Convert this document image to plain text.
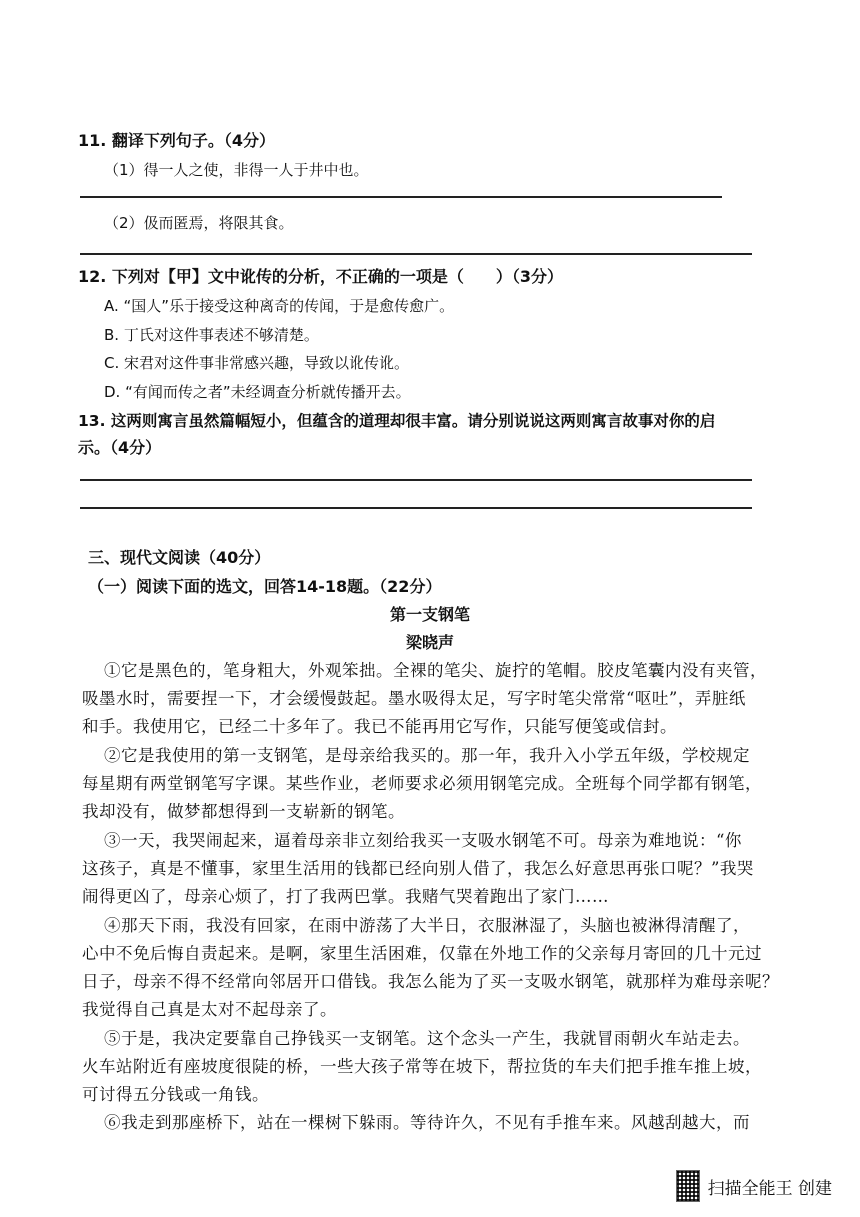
11. 翻译下列句子。（4分）
（1）得一人之使，非得一人于井中也。
（2）伋而匿焉，将限其食。
12. 下列对【甲】文中讹传的分析，不正确的一项是（　　）（3分）
A. “国人”乐于接受这种离奇的传闻，于是愈传愈广。
B. 丁氏对这件事表述不够清楚。
C. 宋君对这件事非常感兴趣，导致以讹传讹。
D. “有闻而传之者”未经调查分析就传播开去。
13. 这两则寓言虽然篇幅短小，但蕴含的道理却很丰富。请分别说说这两则寓言故事对你的启
示。（4分）
三、现代文阅读（40分）
（一）阅读下面的选文，回答14-18题。（22分）
第一支钢笔
梁晓声
①它是黑色的，笔身粗大，外观笨拙。全裸的笔尖、旋拧的笔帽。胶皮笔囊内没有夹管，
吸墨水时，需要捏一下，才会缓慢鼓起。墨水吸得太足，写字时笔尖常常“呕吐”，弄脏纸
和手。我使用它，已经二十多年了。我已不能再用它写作，只能写便笺或信封。
②它是我使用的第一支钢笔，是母亲给我买的。那一年，我升入小学五年级，学校规定
每星期有两堂钢笔写字课。某些作业，老师要求必须用钢笔完成。全班每个同学都有钢笔，
我却没有，做梦都想得到一支崭新的钢笔。
③一天，我哭闹起来，逼着母亲非立刻给我买一支吸水钢笔不可。母亲为难地说：“你
这孩子，真是不懂事，家里生活用的钱都已经向别人借了，我怎么好意思再张口呢？”我哭
闹得更凶了，母亲心烦了，打了我两巴掌。我赌气哭着跑出了家门……
④那天下雨，我没有回家，在雨中游荡了大半日，衣服淋湿了，头脑也被淋得清醒了，
心中不免后悔自责起来。是啊，家里生活困难，仅靠在外地工作的父亲每月寄回的几十元过
日子，母亲不得不经常向邻居开口借钱。我怎么能为了买一支吸水钢笔，就那样为难母亲呢？
我觉得自己真是太对不起母亲了。
⑤于是，我决定要靠自己挣钱买一支钢笔。这个念头一产生，我就冒雨朝火车站走去。
火车站附近有座坡度很陡的桥，一些大孩子常等在坡下，帮拉货的车夫们把手推车推上坡，
可讨得五分钱或一角钱。
⑥我走到那座桥下，站在一棵树下躲雨。等待许久，不见有手推车来。风越刮越大，而
扫描全能王 创建
